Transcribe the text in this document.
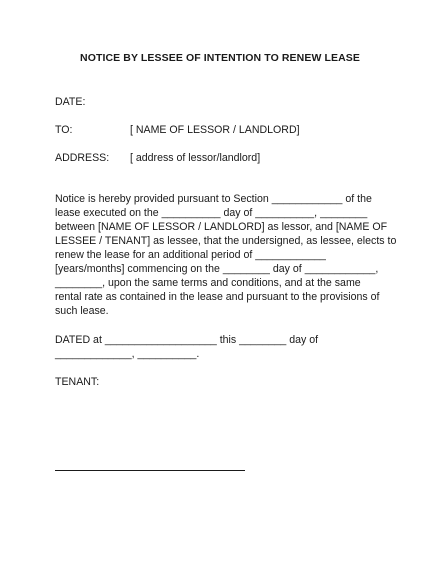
NOTICE BY LESSEE OF INTENTION TO RENEW LEASE
DATE:
TO:	[ NAME OF LESSOR / LANDLORD]
ADDRESS: [ address of lessor/landlord]

Notice is hereby provided pursuant to Section ____________ of the

lease executed on the __________ day of __________, ________

between [NAME OF LESSOR / LANDLORD] as lessor, and [NAME OF

LESSEE / TENANT] as lessee, that the undersigned, as lessee, elects to

renew the lease for an additional period of ____________

[years/months] commencing on the ________ day of ____________,

________, upon the same terms and conditions, and at the same

rental rate as contained in the lease and pursuant to the provisions of

such lease.

DATED at ___________________ this ________ day of
_____________, __________.
TENANT:
